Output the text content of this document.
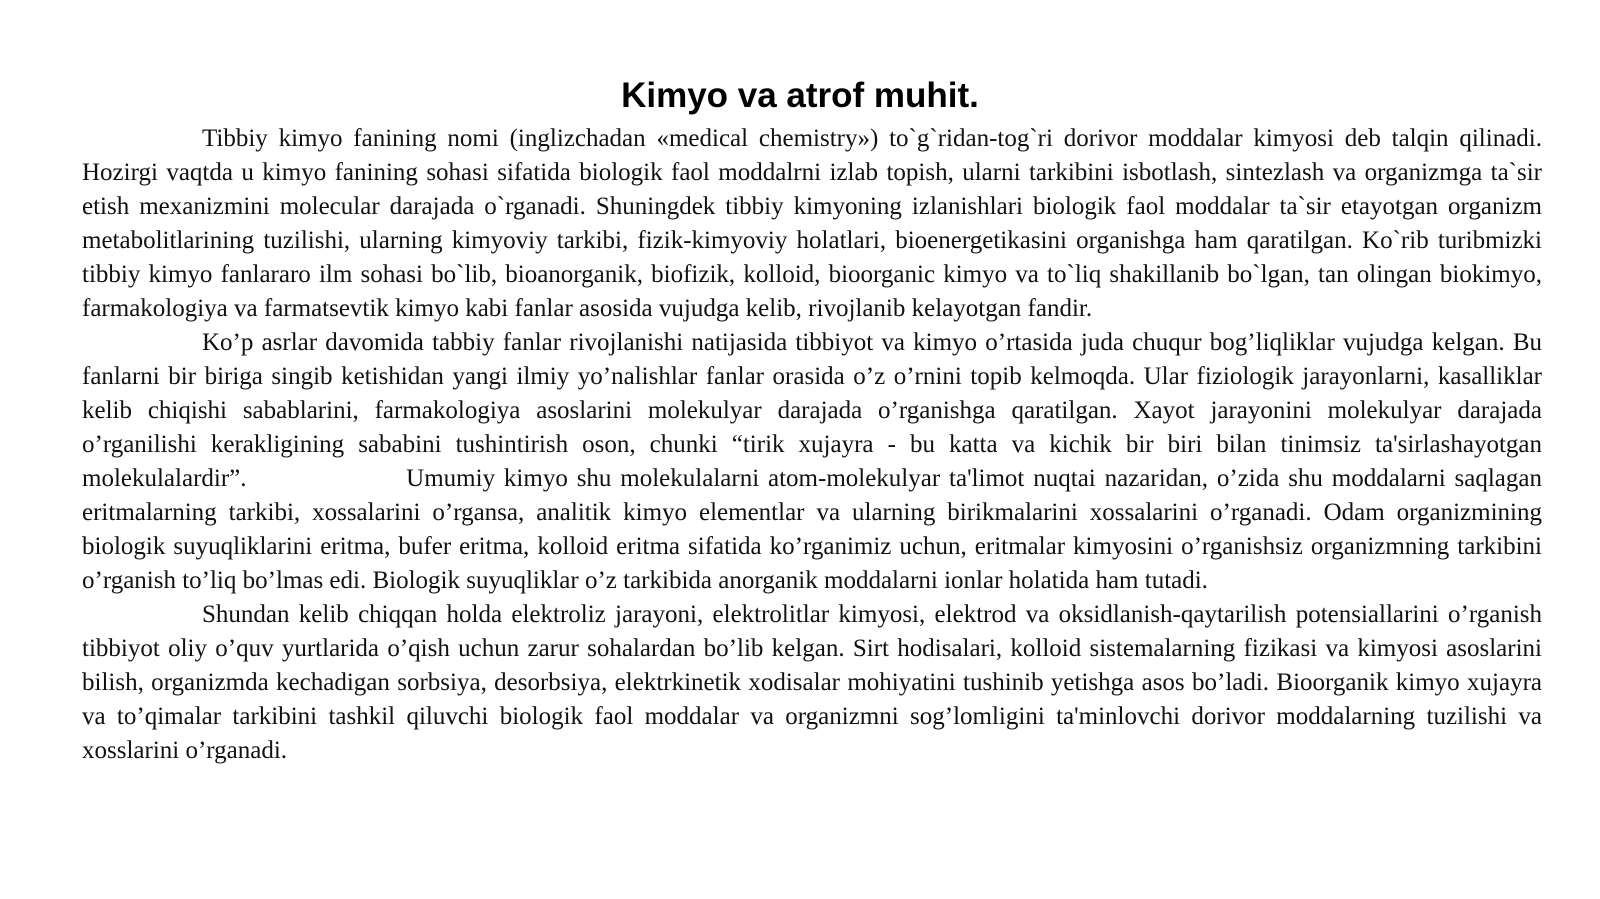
Kimyo va atrof muhit.

Tibbiy kimyo fanining nomi (inglizchadan «medical chemistry») to`g`ridan-tog`ri dorivor moddalar kimyosi deb talqin qilinadi. Hozirgi vaqtda u kimyo fanining sohasi sifatida biologik faol moddalrni izlab topish, ularni tarkibini isbotlash, sintezlash va organizmga ta`sir etish mexanizmini molecular darajada o`rganadi. Shuningdek tibbiy kimyoning izlanishlari biologik faol moddalar ta`sir etayotgan organizm metabolitlarining tuzilishi, ularning kimyoviy tarkibi, fizik-kimyoviy holatlari, bioenergetikasini organishga ham qaratilgan. Ko`rib turibmizki tibbiy kimyo fanlararo ilm sohasi bo`lib, bioanorganik, biofizik, kolloid, bioorganic kimyo va to`liq shakillanib bo`lgan, tan olingan biokimyo, farmakologiya va farmatsevtik kimyo kabi fanlar asosida vujudga kelib, rivojlanib kelayotgan fandir.

Ko’p asrlar davomida tabbiy fanlar rivojlanishi natijasida tibbiyot va kimyo o’rtasida juda chuqur bog’liqliklar vujudga kelgan. Bu fanlarni bir biriga singib ketishidan yangi ilmiy yo’nalishlar fanlar orasida o’z o’rnini topib kelmoqda. Ular fiziologik jarayonlarni, kasalliklar kelib chiqishi sabablarini, farmakologiya asoslarini molekulyar darajada o’rganishga qaratilgan. Xayot jarayonini molekulyar darajada o’rganilishi kerakligining sababini tushintirish oson, chunki “tirik xujayra - bu katta va kichik bir biri bilan tinimsiz ta'sirlashayotgan molekulalardir”.	Umumiy kimyo shu molekulalarni atom-molekulyar ta'limot nuqtai nazaridan, o’zida shu moddalarni saqlagan eritmalarning tarkibi, xossalarini o’rgansa, analitik kimyo elementlar va ularning birikmalarini xossalarini o’rganadi. Odam organizmining biologik suyuqliklarini eritma, bufer eritma, kolloid eritma sifatida ko’rganimiz uchun, eritmalar kimyosini o’rganishsiz organizmning tarkibini o’rganish to’liq bo’lmas edi. Biologik suyuqliklar o’z tarkibida anorganik moddalarni ionlar holatida ham tutadi.

Shundan kelib chiqqan holda elektroliz jarayoni, elektrolitlar kimyosi, elektrod va oksidlanish-qaytarilish potensiallarini o’rganish tibbiyot oliy o’quv yurtlarida o’qish uchun zarur sohalardan bo’lib kelgan. Sirt hodisalari, kolloid sistemalarning fizikasi va kimyosi asoslarini bilish, organizmda kechadigan sorbsiya, desorbsiya, elektrkinetik xodisalar mohiyatini tushinib yetishga asos bo’ladi. Bioorganik kimyo xujayra va to’qimalar tarkibini tashkil qiluvchi biologik faol moddalar va organizmni sog’lomligini ta'minlovchi dorivor moddalarning tuzilishi va xosslarini o’rganadi.
